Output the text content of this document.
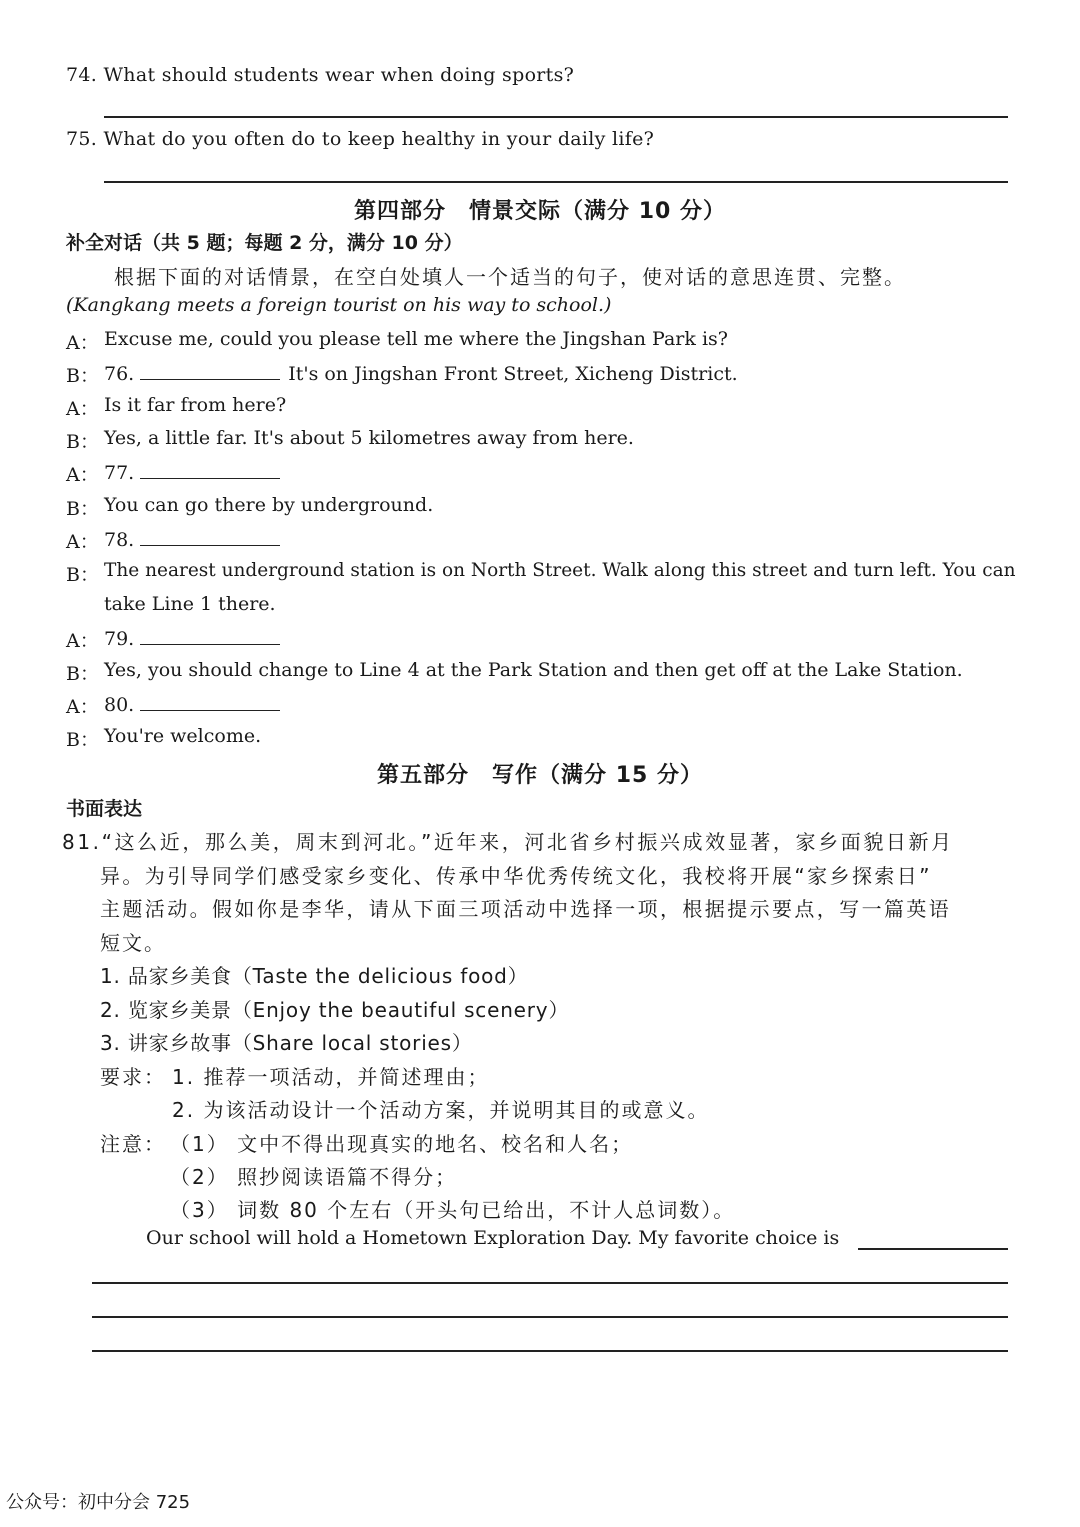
74. What should students wear when doing sports?
75. What do you often do to keep healthy in your daily life?
第四部分　情景交际（满分 10 分）
补全对话（共 5 题；每题 2 分，满分 10 分）
根据下面的对话情景，在空白处填人一个适当的句子，使对话的意思连贯、完整。
(Kangkang meets a foreign tourist on his way to school.)
A： Excuse me, could you please tell me where the Jingshan Park is?
B： 76.	It's on Jingshan Front Street, Xicheng District.
A： Is it far from here?
B： Yes, a little far. It's about 5 kilometres away from here.
A： 77.
B： You can go there by underground.
A： 78.
B： The nearest underground station is on North Street. Walk along this street and turn left. You can
take Line 1 there.
A： 79.
B： Yes, you should change to Line 4 at the Park Station and then get off at the Lake Station.
A： 80.
B： You're welcome.
第五部分　写作（满分 15 分）
书面表达
81.“这么近，那么美，周末到河北。”近年来，河北省乡村振兴成效显著，家乡面貌日新月
异。为引导同学们感受家乡变化、传承中华优秀传统文化，我校将开展“家乡探索日”
主题活动。假如你是李华，请从下面三项活动中选择一项，根据提示要点，写一篇英语
短文。
1. 品家乡美食（Taste the delicious food）
2. 览家乡美景（Enjoy the beautiful scenery）
3. 讲家乡故事（Share local stories）
要求： 1. 推荐一项活动，并简述理由；
2. 为该活动设计一个活动方案，并说明其目的或意义。
注意： （1） 文中不得出现真实的地名、校名和人名；
（2） 照抄阅读语篇不得分；
（3） 词数 80 个左右（开头句已给出，不计人总词数）。
Our school will hold a Hometown Exploration Day. My favorite choice is
公众号：初中分会 725
